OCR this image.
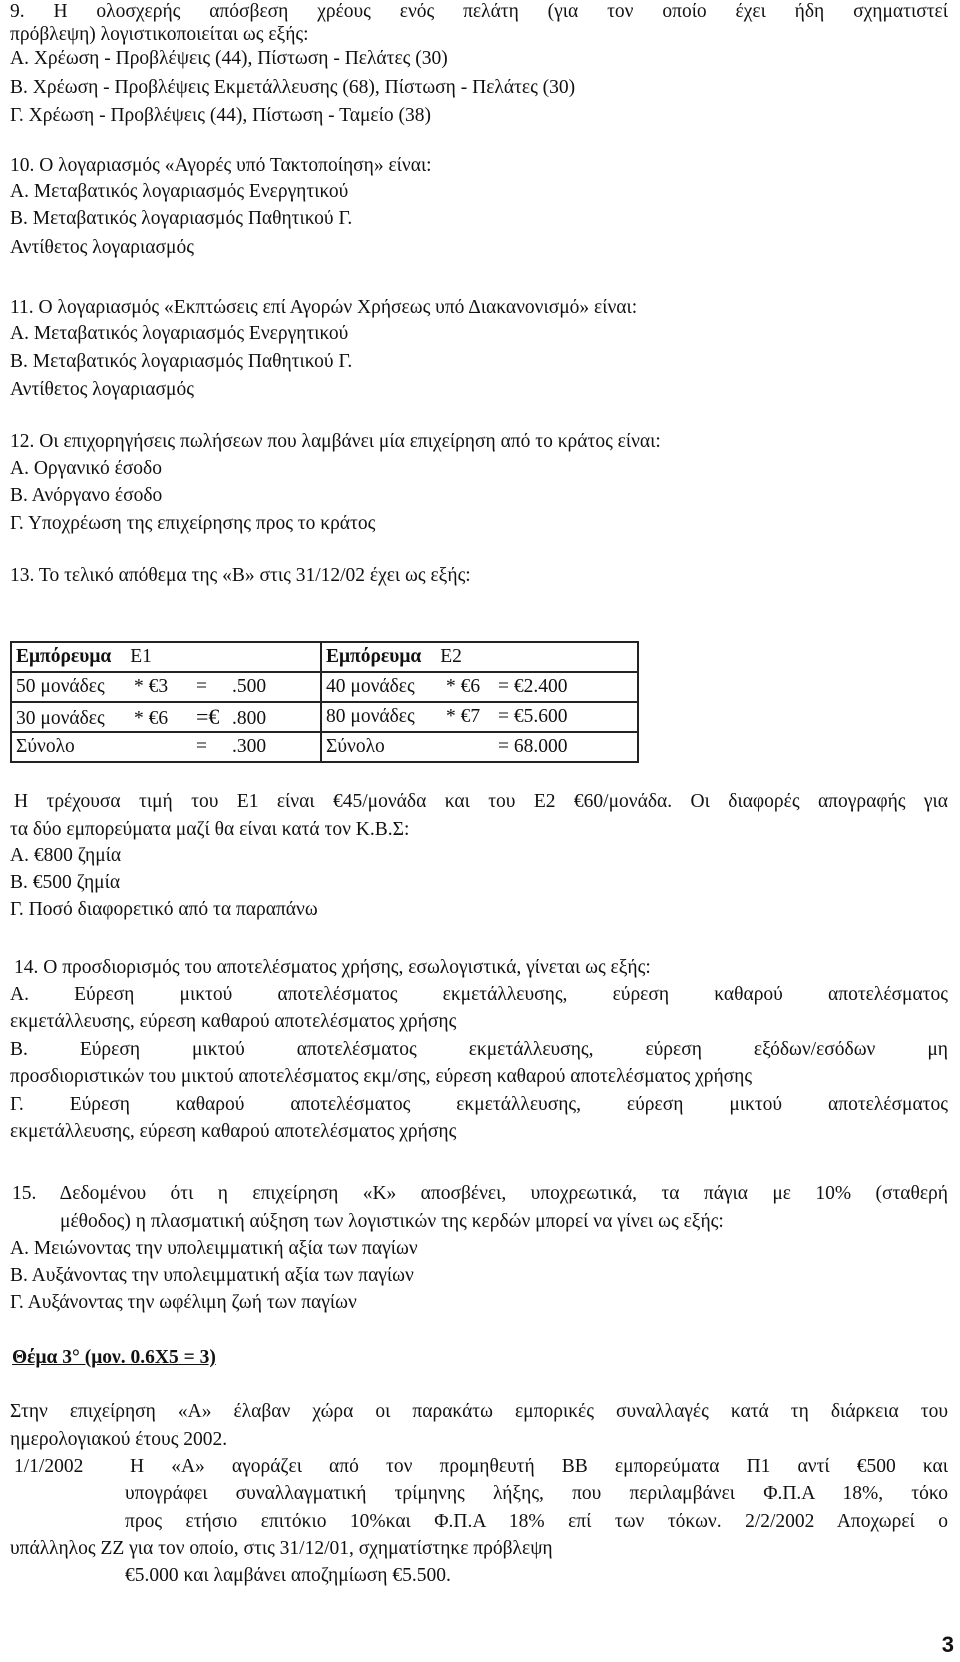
9. Η ολοσχερής απόσβεση χρέους ενός πελάτη (για τον οποίο έχει ήδη σχηματιστεί
πρόβλεψη) λογιστικοποιείται ως εξής:
Α. Χρέωση - Προβλέψεις (44), Πίστωση - Πελάτες (30)
Β. Χρέωση - Προβλέψεις Εκμετάλλευσης (68), Πίστωση - Πελάτες (30)
Γ. Χρέωση - Προβλέψεις (44), Πίστωση - Ταμείο (38)
10. Ο λογαριασμός «Αγορές υπό Τακτοποίηση» είναι:
Α. Μεταβατικός λογαριασμός Ενεργητικού
Β. Μεταβατικός λογαριασμός Παθητικού Γ.
Αντίθετος λογαριασμός
11. Ο λογαριασμός «Εκπτώσεις επί Αγορών Χρήσεως υπό Διακανονισμό» είναι:
Α. Μεταβατικός λογαριασμός Ενεργητικού
Β. Μεταβατικός λογαριασμός Παθητικού Γ.
Αντίθετος λογαριασμός
12. Οι επιχορηγήσεις πωλήσεων που λαμβάνει μία επιχείρηση από το κράτος είναι:
Α. Οργανικό έσοδο
Β. Ανόργανο έσοδο
Γ. Υποχρέωση της επιχείρησης προς το κράτος
13. Το τελικό απόθεμα της «Β» στις 31/12/02 έχει ως εξής:
Εμπόρευμα Ε1	Εμπόρευμα Ε2
50 μονάδες * €3 = .500	40 μονάδες * €6 = €2.400
30 μονάδες * €6 =€ .800	80 μονάδες * €7 = €5.600
Σύνολο = .300	Σύνολο = 68.000
Η τρέχουσα τιμή του Ε1 είναι €45/μονάδα και του Ε2 €60/μονάδα. Οι διαφορές απογραφής για
τα δύο εμπορεύματα μαζί θα είναι κατά τον Κ.Β.Σ:
Α. €800 ζημία
Β. €500 ζημία
Γ. Ποσό διαφορετικό από τα παραπάνω
14. Ο προσδιορισμός του αποτελέσματος χρήσης, εσωλογιστικά, γίνεται ως εξής:
Α. Εύρεση μικτού αποτελέσματος εκμετάλλευσης, εύρεση καθαρού αποτελέσματος
εκμετάλλευσης, εύρεση καθαρού αποτελέσματος χρήσης
Β. Εύρεση μικτού αποτελέσματος εκμετάλλευσης, εύρεση εξόδων/εσόδων μη
προσδιοριστικών του μικτού αποτελέσματος εκμ/σης, εύρεση καθαρού αποτελέσματος χρήσης
Γ. Εύρεση καθαρού αποτελέσματος εκμετάλλευσης, εύρεση μικτού αποτελέσματος
εκμετάλλευσης, εύρεση καθαρού αποτελέσματος χρήσης
15. Δεδομένου ότι η επιχείρηση «Κ» αποσβένει, υποχρεωτικά, τα πάγια με 10% (σταθερή
μέθοδος) η πλασματική αύξηση των λογιστικών της κερδών μπορεί να γίνει ως εξής:
Α. Μειώνοντας την υπολειμματική αξία των παγίων
Β. Αυξάνοντας την υπολειμματική αξία των παγίων
Γ. Αυξάνοντας την ωφέλιμη ζωή των παγίων
Θέμα 3° (μον. 0.6Χ5 = 3)
Στην επιχείρηση «Α» έλαβαν χώρα οι παρακάτω εμπορικές συναλλαγές κατά τη διάρκεια του
ημερολογιακού έτους 2002.
1/1/2002 Η «Α» αγοράζει από τον προμηθευτή ΒΒ εμπορεύματα Π1 αντί €500 και
υπογράφει συναλλαγματική τρίμηνης λήξης, που περιλαμβάνει Φ.Π.Α 18%, τόκο
προς ετήσιο επιτόκιο 10%και Φ.Π.Α 18% επί των τόκων. 2/2/2002 Αποχωρεί ο
υπάλληλος ΖΖ για τον οποίο, στις 31/12/01, σχηματίστηκε πρόβλεψη
€5.000 και λαμβάνει αποζημίωση €5.500.
3
